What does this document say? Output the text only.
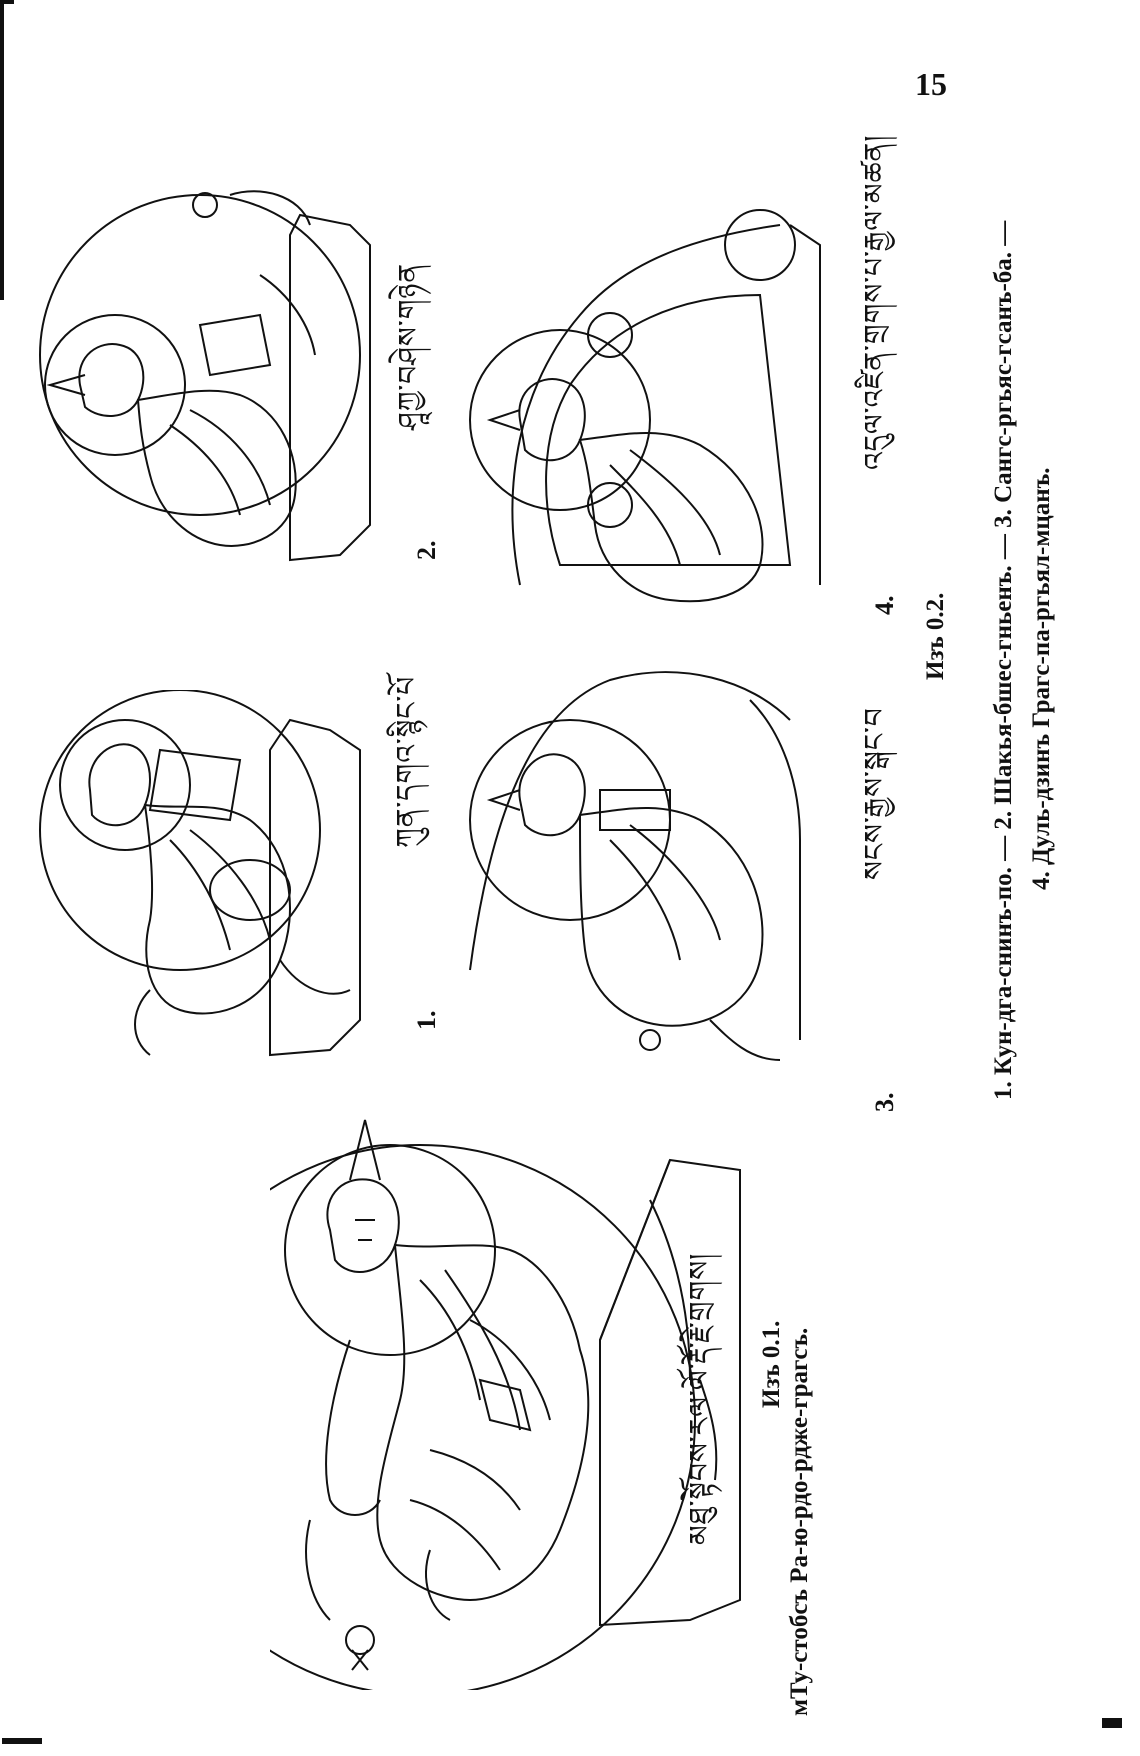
15
མཐུ་སྟོབས་རལ་ལོ་རྡོ་རྗེ་གྲགས།	Изъ 0.1. мТу-стобсъ Ра-ю-рдо-рдже-грагсъ.
ཀུན་དགའ་སྙིང་པོ
1.
ཤཱཀྱ་བཤེས་གཉེན
2.
སངས་རྒྱས་སྒང་བ
3.
འདུལ་འཛིན་གྲགས་པ་རྒྱལ་མཚན།
4. Изъ 0.2. 1. Кун-дга-снинъ-по. — 2. Шакья-бшес-гньенъ. — 3. Сангс-ргьяс-гсанъ-ба. — 4. Дуль-дзинъ Грагс-па-ргьял-мцанъ.
